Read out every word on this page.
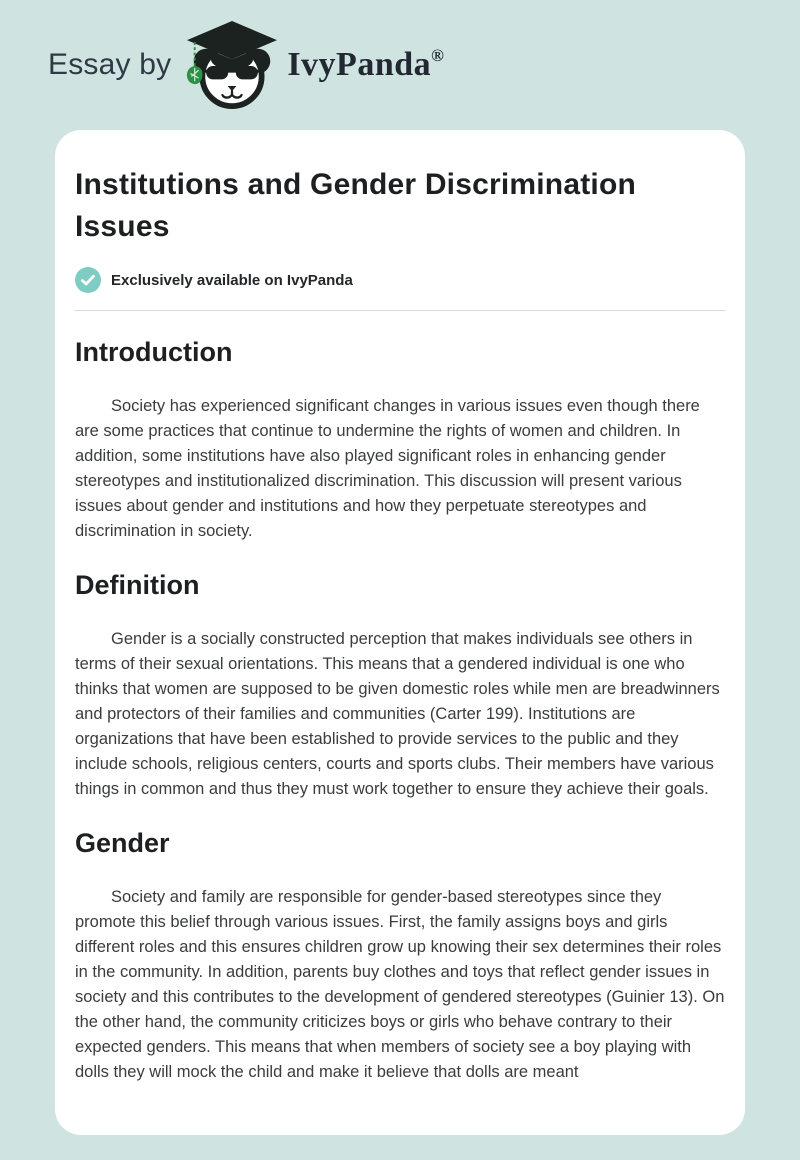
Essay by	IvyPanda®
Institutions and Gender Discrimination Issues
Exclusively available on IvyPanda
Introduction

Society has experienced significant changes in various issues even though there are some practices that continue to undermine the rights of women and children. In addition, some institutions have also played significant roles in enhancing gender stereotypes and institutionalized discrimination. This discussion will present various issues about gender and institutions and how they perpetuate stereotypes and discrimination in society.

Definition

Gender is a socially constructed perception that makes individuals see others in terms of their sexual orientations. This means that a gendered individual is one who thinks that women are supposed to be given domestic roles while men are breadwinners and protectors of their families and communities (Carter 199). Institutions are organizations that have been established to provide services to the public and they include schools, religious centers, courts and sports clubs. Their members have various things in common and thus they must work together to ensure they achieve their goals.

Gender

Society and family are responsible for gender-based stereotypes since they promote this belief through various issues. First, the family assigns boys and girls different roles and this ensures children grow up knowing their sex determines their roles in the community. In addition, parents buy clothes and toys that reflect gender issues in society and this contributes to the development of gendered stereotypes (Guinier 13). On the other hand, the community criticizes boys or girls who behave contrary to their expected genders. This means that when members of society see a boy playing with dolls they will mock the child and make it believe that dolls are meant
